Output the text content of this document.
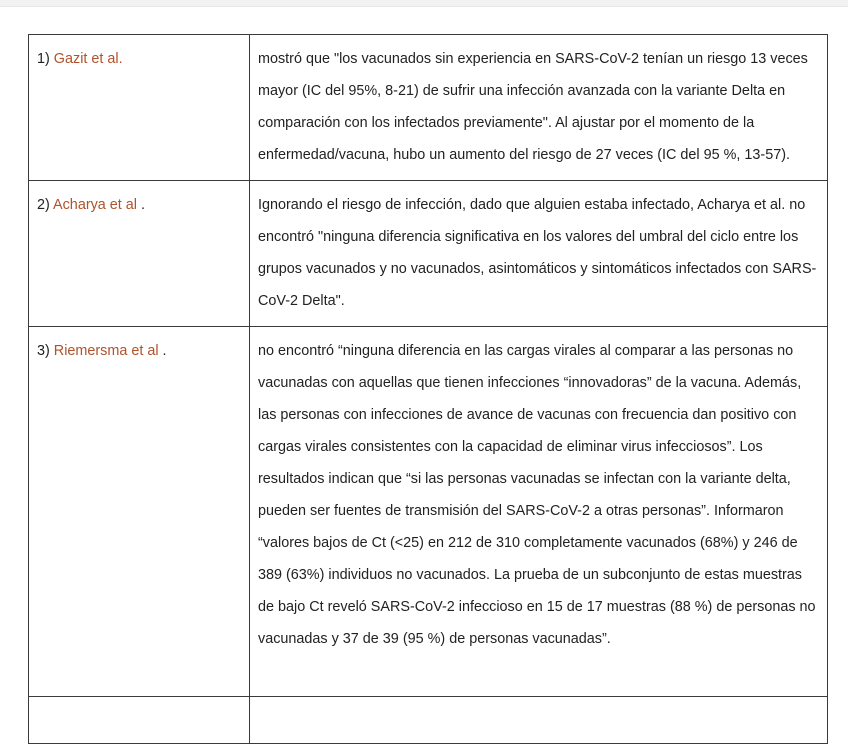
1) Gazit et al.	mostró que "los vacunados sin experiencia en SARS-CoV-2 tenían un riesgo 13 veces mayor (IC del 95%, 8-21) de sufrir una infección avanzada con la variante Delta en comparación con los infectados previamente". Al ajustar por el momento de la enfermedad/vacuna, hubo un aumento del riesgo de 27 veces (IC del 95 %, 13-57).
2) Acharya et al .	Ignorando el riesgo de infección, dado que alguien estaba infectado, Acharya et al. no encontró "ninguna diferencia significativa en los valores del umbral del ciclo entre los grupos vacunados y no vacunados, asintomáticos y sintomáticos infectados con SARS-CoV-2 Delta".
3) Riemersma et al .	no encontró “ninguna diferencia en las cargas virales al comparar a las personas no vacunadas con aquellas que tienen infecciones “innovadoras” de la vacuna. Además, las personas con infecciones de avance de vacunas con frecuencia dan positivo con cargas virales consistentes con la capacidad de eliminar virus infecciosos”. Los resultados indican que “si las personas vacunadas se infectan con la variante delta, pueden ser fuentes de transmisión del SARS-CoV-2 a otras personas”. Informaron “valores bajos de Ct (<25) en 212 de 310 completamente vacunados (68%) y 246 de 389 (63%) individuos no vacunados. La prueba de un subconjunto de estas muestras de bajo Ct reveló SARS-CoV-2 infeccioso en 15 de 17 muestras (88 %) de personas no vacunadas y 37 de 39 (95 %) de personas vacunadas”.
